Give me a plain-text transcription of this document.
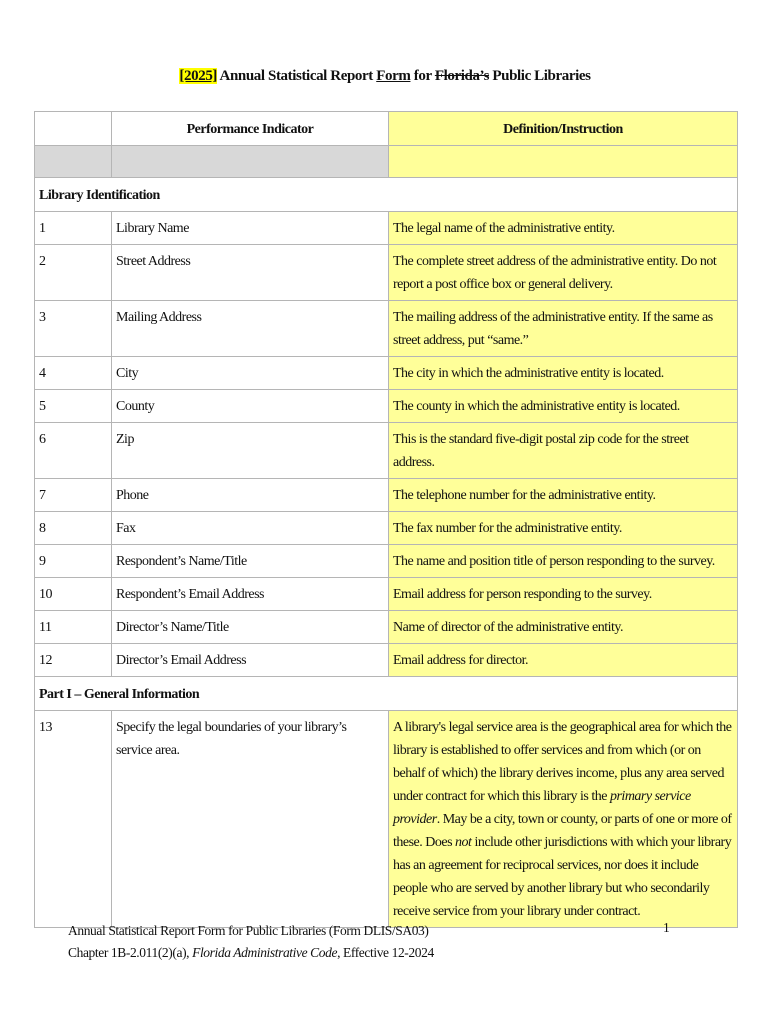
[2025] Annual Statistical Report Form for Florida’s Public Libraries
	Performance Indicator	Definition/Instruction

Library Identification		
1	Library Name	The legal name of the administrative entity.
2	Street Address	The complete street address of the administrative entity. Do not report a post office box or general delivery.
3	Mailing Address	The mailing address of the administrative entity. If the same as street address, put “same.”
4	City	The city in which the administrative entity is located.
5	County	The county in which the administrative entity is located.
6	Zip	This is the standard five-digit postal zip code for the street address.
7	Phone	The telephone number for the administrative entity.
8	Fax	The fax number for the administrative entity.
9	Respondent’s Name/Title	The name and position title of person responding to the survey.
10	Respondent’s Email Address	Email address for person responding to the survey.
11	Director’s Name/Title	Name of director of the administrative entity.
12	Director’s Email Address	Email address for director.
Part I – General Information		
13	Specify the legal boundaries of your library’s service area.	A library's legal service area is the geographical area for which the library is established to offer services and from which (or on behalf of which) the library derives income, plus any area served under contract for which this library is the primary service provider. May be a city, town or county, or parts of one or more of these. Does not include other jurisdictions with which your library has an agreement for reciprocal services, nor does it include people who are served by another library but who secondarily receive service from your library under contract.
Annual Statistical Report Form for Public Libraries (Form DLIS/SA03)
Chapter 1B-2.011(2)(a), Florida Administrative Code, Effective 12-2024
1
